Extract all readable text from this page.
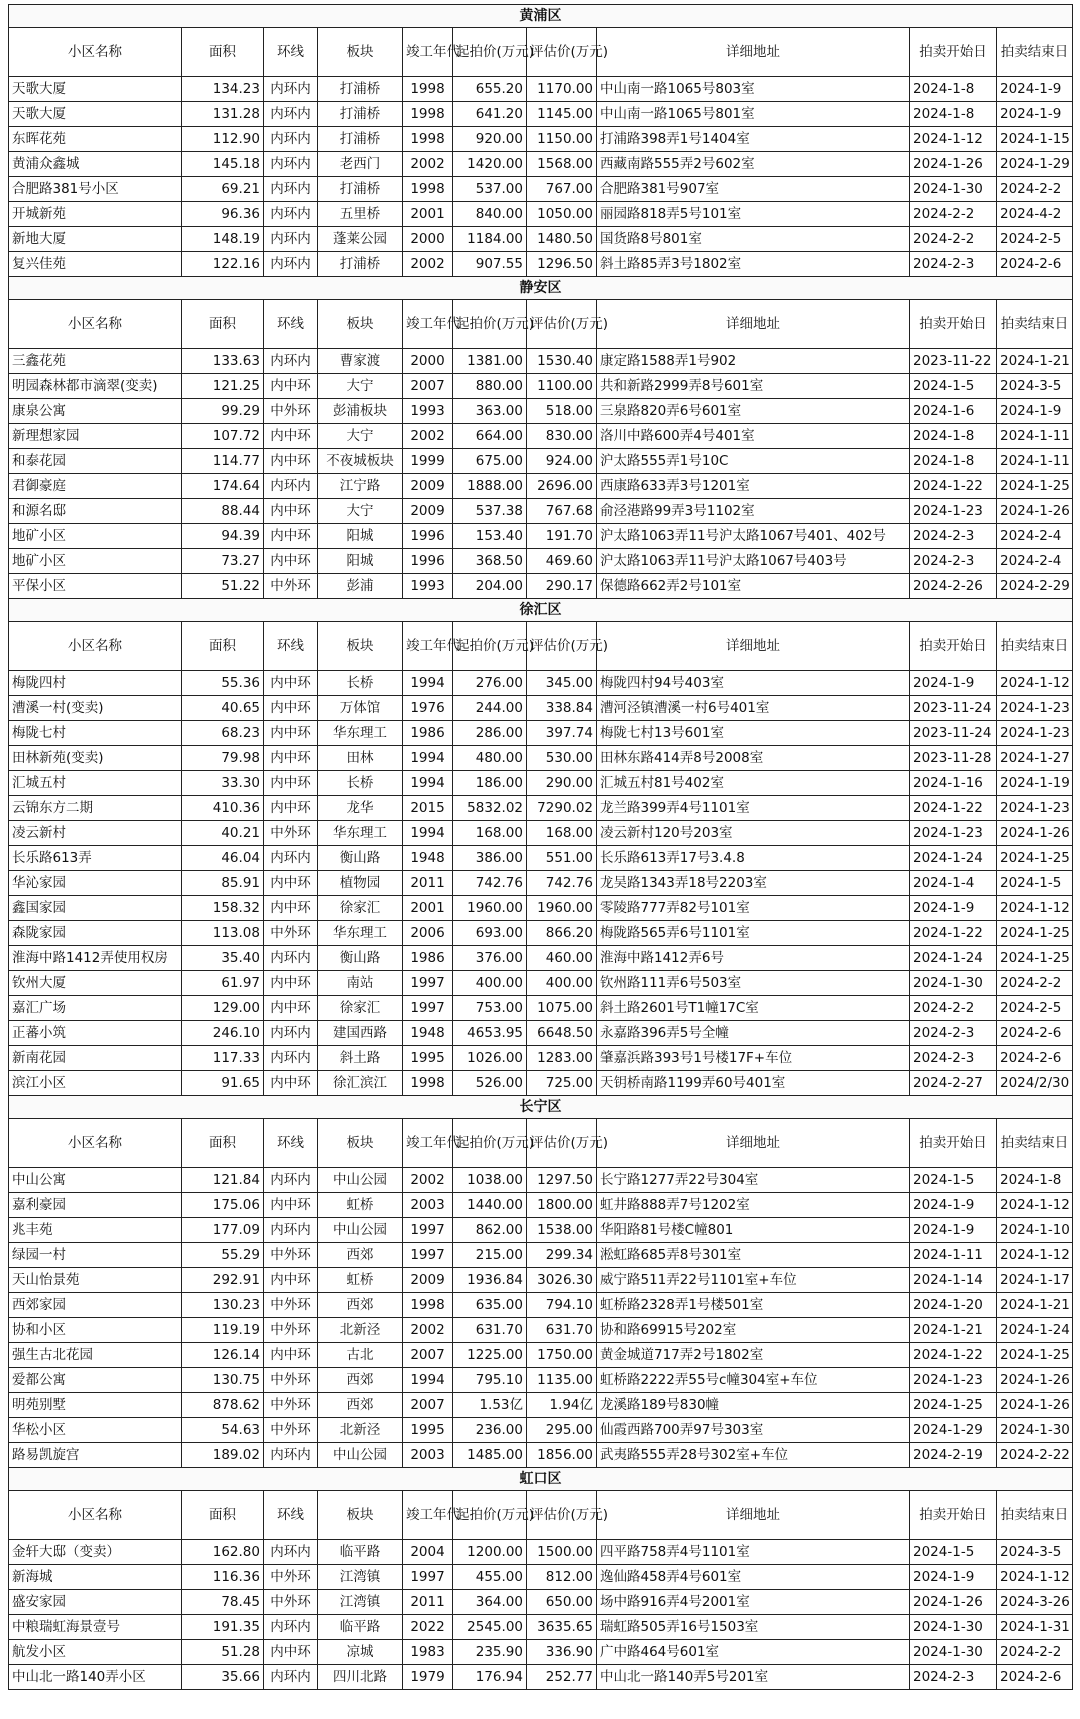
黄浦区									
小区名称	面积	环线	板块	竣工年代	起拍价(万元)	评估价(万元)	详细地址	拍卖开始日	拍卖结束日
天歌大厦	134.23	内环内	打浦桥	1998	655.20	1170.00	中山南一路1065号803室	2024-1-8	2024-1-9
天歌大厦	131.28	内环内	打浦桥	1998	641.20	1145.00	中山南一路1065号801室	2024-1-8	2024-1-9
东晖花苑	112.90	内环内	打浦桥	1998	920.00	1150.00	打浦路398弄1号1404室	2024-1-12	2024-1-15
黄浦众鑫城	145.18	内环内	老西门	2002	1420.00	1568.00	西藏南路555弄2号602室	2024-1-26	2024-1-29
合肥路381号小区	69.21	内环内	打浦桥	1998	537.00	767.00	合肥路381号907室	2024-1-30	2024-2-2
开城新苑	96.36	内环内	五里桥	2001	840.00	1050.00	丽园路818弄5号101室	2024-2-2	2024-4-2
新地大厦	148.19	内环内	蓬莱公园	2000	1184.00	1480.50	国货路8号801室	2024-2-2	2024-2-5
复兴佳苑	122.16	内环内	打浦桥	2002	907.55	1296.50	斜土路85弄3号1802室	2024-2-3	2024-2-6
静安区									
小区名称	面积	环线	板块	竣工年代	起拍价(万元)	评估价(万元)	详细地址	拍卖开始日	拍卖结束日
三鑫花苑	133.63	内环内	曹家渡	2000	1381.00	1530.40	康定路1588弄1号902	2023-11-22	2024-1-21
明园森林都市滴翠(变卖)	121.25	内中环	大宁	2007	880.00	1100.00	共和新路2999弄8号601室	2024-1-5	2024-3-5
康泉公寓	99.29	中外环	彭浦板块	1993	363.00	518.00	三泉路820弄6号601室	2024-1-6	2024-1-9
新理想家园	107.72	内中环	大宁	2002	664.00	830.00	洛川中路600弄4号401室	2024-1-8	2024-1-11
和泰花园	114.77	内中环	不夜城板块	1999	675.00	924.00	沪太路555弄1号10C	2024-1-8	2024-1-11
君御豪庭	174.64	内环内	江宁路	2009	1888.00	2696.00	西康路633弄3号1201室	2024-1-22	2024-1-25
和源名邸	88.44	内中环	大宁	2009	537.38	767.68	俞泾港路99弄3号1102室	2024-1-23	2024-1-26
地矿小区	94.39	内中环	阳城	1996	153.40	191.70	沪太路1063弄11号沪太路1067号401、402号	2024-2-3	2024-2-4
地矿小区	73.27	内中环	阳城	1996	368.50	469.60	沪太路1063弄11号沪太路1067号403号	2024-2-3	2024-2-4
平保小区	51.22	中外环	彭浦	1993	204.00	290.17	保德路662弄2号101室	2024-2-26	2024-2-29
徐汇区									
小区名称	面积	环线	板块	竣工年代	起拍价(万元)	评估价(万元)	详细地址	拍卖开始日	拍卖结束日
梅陇四村	55.36	内中环	长桥	1994	276.00	345.00	梅陇四村94号403室	2024-1-9	2024-1-12
漕溪一村(变卖)	40.65	内中环	万体馆	1976	244.00	338.84	漕河泾镇漕溪一村6号401室	2023-11-24	2024-1-23
梅陇七村	68.23	内中环	华东理工	1986	286.00	397.74	梅陇七村13号601室	2023-11-24	2024-1-23
田林新苑(变卖)	79.98	内中环	田林	1994	480.00	530.00	田林东路414弄8号2008室	2023-11-28	2024-1-27
汇城五村	33.30	内中环	长桥	1994	186.00	290.00	汇城五村81号402室	2024-1-16	2024-1-19
云锦东方二期	410.36	内中环	龙华	2015	5832.02	7290.02	龙兰路399弄4号1101室	2024-1-22	2024-1-23
凌云新村	40.21	中外环	华东理工	1994	168.00	168.00	凌云新村120号203室	2024-1-23	2024-1-26
长乐路613弄	46.04	内环内	衡山路	1948	386.00	551.00	长乐路613弄17号3.4.8	2024-1-24	2024-1-25
华沁家园	85.91	内中环	植物园	2011	742.76	742.76	龙吴路1343弄18号2203室	2024-1-4	2024-1-5
鑫国家园	158.32	内中环	徐家汇	2001	1960.00	1960.00	零陵路777弄82号101室	2024-1-9	2024-1-12
森陇家园	113.08	中外环	华东理工	2006	693.00	866.20	梅陇路565弄6号1101室	2024-1-22	2024-1-25
淮海中路1412弄使用权房	35.40	内环内	衡山路	1986	376.00	460.00	淮海中路1412弄6号	2024-1-24	2024-1-25
钦州大厦	61.97	内中环	南站	1997	400.00	400.00	钦州路111弄6号503室	2024-1-30	2024-2-2
嘉汇广场	129.00	内中环	徐家汇	1997	753.00	1075.00	斜土路2601号T1幢17C室	2024-2-2	2024-2-5
正蕃小筑	246.10	内环内	建国西路	1948	4653.95	6648.50	永嘉路396弄5号全幢	2024-2-3	2024-2-6
新南花园	117.33	内环内	斜土路	1995	1026.00	1283.00	肇嘉浜路393号1号楼17F+车位	2024-2-3	2024-2-6
滨江小区	91.65	内中环	徐汇滨江	1998	526.00	725.00	天钥桥南路1199弄60号401室	2024-2-27	2024/2/30
长宁区									
小区名称	面积	环线	板块	竣工年代	起拍价(万元)	评估价(万元)	详细地址	拍卖开始日	拍卖结束日
中山公寓	121.84	内环内	中山公园	2002	1038.00	1297.50	长宁路1277弄22号304室	2024-1-5	2024-1-8
嘉利豪园	175.06	内中环	虹桥	2003	1440.00	1800.00	虹井路888弄7号1202室	2024-1-9	2024-1-12
兆丰苑	177.09	内环内	中山公园	1997	862.00	1538.00	华阳路81号楼C幢801	2024-1-9	2024-1-10
绿园一村	55.29	中外环	西郊	1997	215.00	299.34	淞虹路685弄8号301室	2024-1-11	2024-1-12
天山怡景苑	292.91	内中环	虹桥	2009	1936.84	3026.30	威宁路511弄22号1101室+车位	2024-1-14	2024-1-17
西郊家园	130.23	中外环	西郊	1998	635.00	794.10	虹桥路2328弄1号楼501室	2024-1-20	2024-1-21
协和小区	119.19	中外环	北新泾	2002	631.70	631.70	协和路69915号202室	2024-1-21	2024-1-24
强生古北花园	126.14	内中环	古北	2007	1225.00	1750.00	黄金城道717弄2号1802室	2024-1-22	2024-1-25
爱都公寓	130.75	中外环	西郊	1994	795.10	1135.00	虹桥路2222弄55号c幢304室+车位	2024-1-23	2024-1-26
明苑别墅	878.62	中外环	西郊	2007	1.53亿	1.94亿	龙溪路189号830幢	2024-1-25	2024-1-26
华松小区	54.63	中外环	北新泾	1995	236.00	295.00	仙霞西路700弄97号303室	2024-1-29	2024-1-30
路易凯旋宫	189.02	内环内	中山公园	2003	1485.00	1856.00	武夷路555弄28号302室+车位	2024-2-19	2024-2-22
虹口区									
小区名称	面积	环线	板块	竣工年代	起拍价(万元)	评估价(万元)	详细地址	拍卖开始日	拍卖结束日
金轩大邸（变卖）	162.80	内环内	临平路	2004	1200.00	1500.00	四平路758弄4号1101室	2024-1-5	2024-3-5
新海城	116.36	中外环	江湾镇	1997	455.00	812.00	逸仙路458弄4号601室	2024-1-9	2024-1-12
盛安家园	78.45	中外环	江湾镇	2011	364.00	650.00	场中路916弄4号2001室	2024-1-26	2024-3-26
中粮瑞虹海景壹号	191.35	内环内	临平路	2022	2545.00	3635.65	瑞虹路505弄16号1503室	2024-1-30	2024-1-31
航发小区	51.28	内中环	凉城	1983	235.90	336.90	广中路464号601室	2024-1-30	2024-2-2
中山北一路140弄小区	35.66	内环内	四川北路	1979	176.94	252.77	中山北一路140弄5号201室	2024-2-3	2024-2-6
